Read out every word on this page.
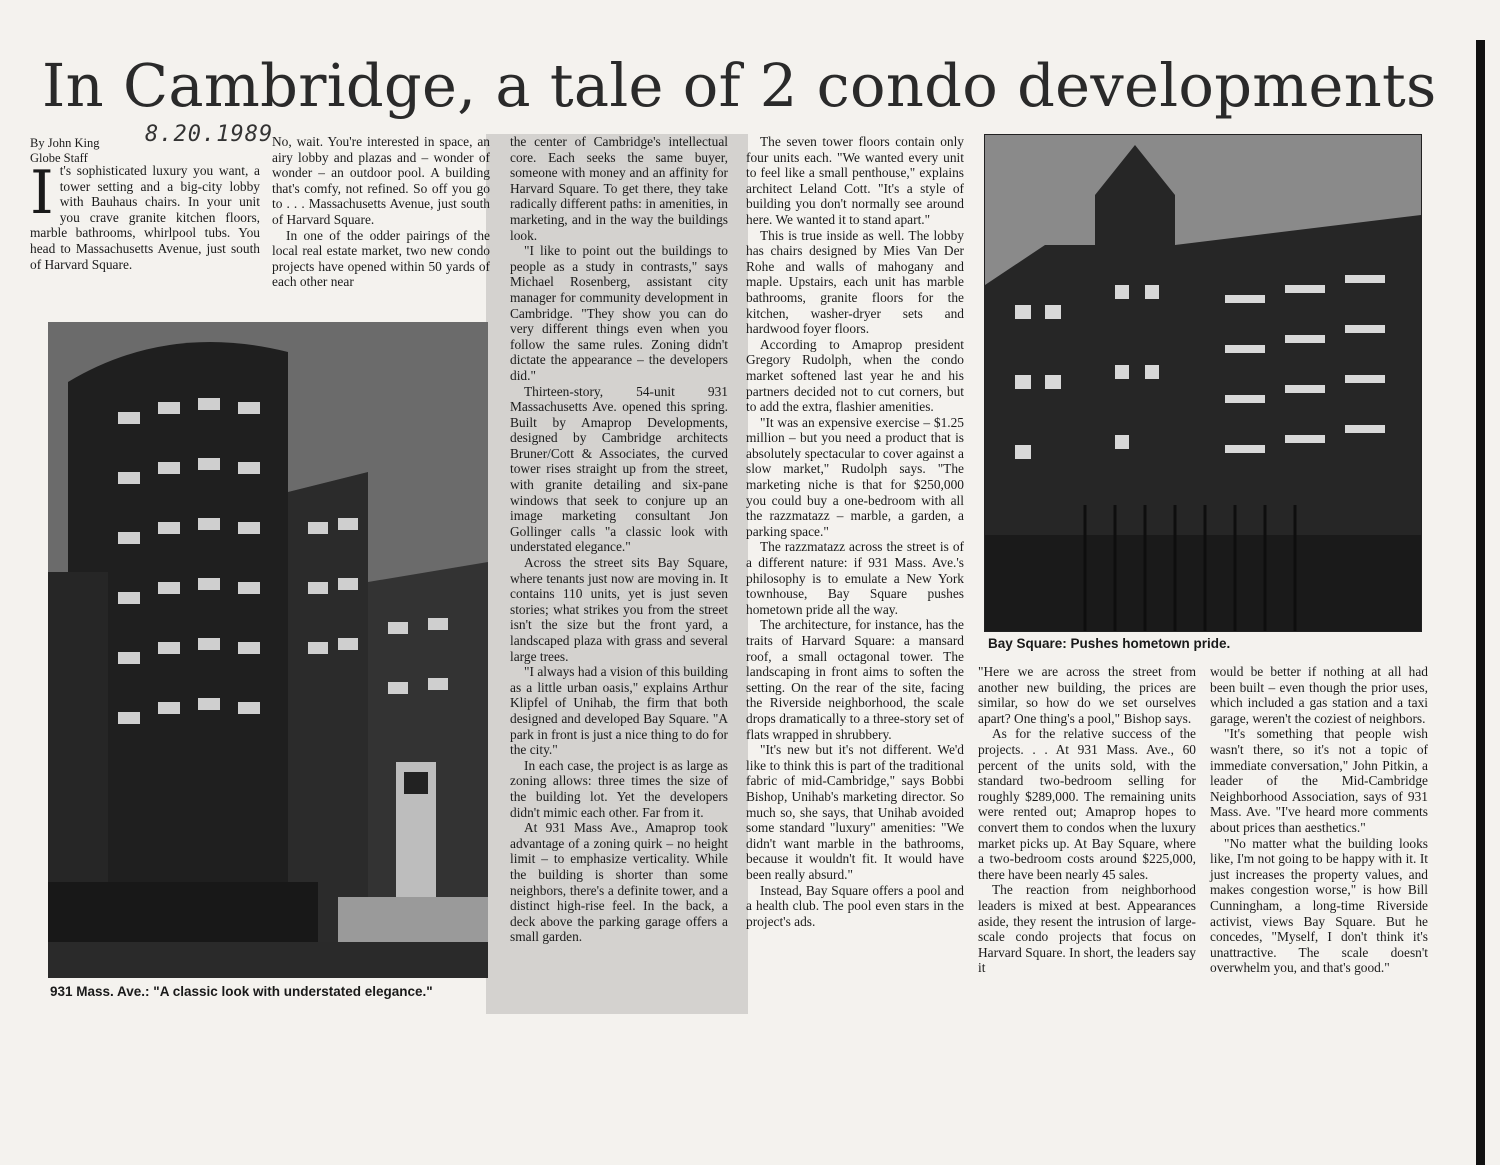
In Cambridge, a tale of 2 condo developments
By John King
Globe Staff
8.20.1989

It's sophisticated luxury you want, a tower setting and a big-city lobby with Bauhaus chairs. In your unit you crave granite kitchen floors, marble bathrooms, whirlpool tubs. You head to Massachusetts Avenue, just south of Harvard Square.

No, wait. You're interested in space, an airy lobby and plazas and – wonder of wonder – an outdoor pool. A building that's comfy, not refined. So off you go to . . . Massachusetts Avenue, just south of Harvard Square.

In one of the odder pairings of the local real estate market, two new condo projects have opened within 50 yards of each other near

the center of Cambridge's intellectual core. Each seeks the same buyer, someone with money and an affinity for Harvard Square. To get there, they take radically different paths: in amenities, in marketing, and in the way the buildings look.

"I like to point out the buildings to people as a study in contrasts," says Michael Rosenberg, assistant city manager for community development in Cambridge. "They show you can do very different things even when you follow the same rules. Zoning didn't dictate the appearance – the developers did."

Thirteen-story, 54-unit 931 Massachusetts Ave. opened this spring. Built by Amaprop Developments, designed by Cambridge architects Bruner/Cott & Associates, the curved tower rises straight up from the street, with granite detailing and six-pane windows that seek to conjure up an image marketing consultant Jon Gollinger calls "a classic look with understated elegance."

Across the street sits Bay Square, where tenants just now are moving in. It contains 110 units, yet is just seven stories; what strikes you from the street isn't the size but the front yard, a landscaped plaza with grass and several large trees.

"I always had a vision of this building as a little urban oasis," explains Arthur Klipfel of Unihab, the firm that both designed and developed Bay Square. "A park in front is just a nice thing to do for the city."

In each case, the project is as large as zoning allows: three times the size of the building lot. Yet the developers didn't mimic each other. Far from it.

At 931 Mass Ave., Amaprop took advantage of a zoning quirk – no height limit – to emphasize verticality. While the building is shorter than some neighbors, there's a definite tower, and a distinct high-rise feel. In the back, a deck above the parking garage offers a small garden.

The seven tower floors contain only four units each. "We wanted every unit to feel like a small penthouse," explains architect Leland Cott. "It's a style of building you don't normally see around here. We wanted it to stand apart."

This is true inside as well. The lobby has chairs designed by Mies Van Der Rohe and walls of mahogany and maple. Upstairs, each unit has marble bathrooms, granite floors for the kitchen, washer-dryer sets and hardwood foyer floors.

According to Amaprop president Gregory Rudolph, when the condo market softened last year he and his partners decided not to cut corners, but to add the extra, flashier amenities.

"It was an expensive exercise – $1.25 million – but you need a product that is absolutely spectacular to cover against a slow market," Rudolph says. "The marketing niche is that for $250,000 you could buy a one-bedroom with all the razzmatazz – marble, a garden, a parking space."

The razzmatazz across the street is of a different nature: if 931 Mass. Ave.'s philosophy is to emulate a New York townhouse, Bay Square pushes hometown pride all the way.

The architecture, for instance, has the traits of Harvard Square: a mansard roof, a small octagonal tower. The landscaping in front aims to soften the setting. On the rear of the site, facing the Riverside neighborhood, the scale drops dramatically to a three-story set of flats wrapped in shrubbery.

"It's new but it's not different. We'd like to think this is part of the traditional fabric of mid-Cambridge," says Bobbi Bishop, Unihab's marketing director. So much so, she says, that Unihab avoided some standard "luxury" amenities: "We didn't want marble in the bathrooms, because it wouldn't fit. It would have been really absurd."

Instead, Bay Square offers a pool and a health club. The pool even stars in the project's ads.

"Here we are across the street from another new building, the prices are similar, so how do we set ourselves apart? One thing's a pool," Bishop says.

As for the relative success of the projects. . . At 931 Mass. Ave., 60 percent of the units sold, with the standard two-bedroom selling for roughly $289,000. The remaining units were rented out; Amaprop hopes to convert them to condos when the luxury market picks up. At Bay Square, where a two-bedroom costs around $225,000, there have been nearly 45 sales.

The reaction from neighborhood leaders is mixed at best. Appearances aside, they resent the intrusion of large-scale condo projects that focus on Harvard Square. In short, the leaders say it

would be better if nothing at all had been built – even though the prior uses, which included a gas station and a taxi garage, weren't the coziest of neighbors.

"It's something that people wish wasn't there, so it's not a topic of immediate conversation," John Pitkin, a leader of the Mid-Cambridge Neighborhood Association, says of 931 Mass. Ave. "I've heard more comments about prices than aesthetics."

"No matter what the building looks like, I'm not going to be happy with it. It just increases the property values, and makes congestion worse," is how Bill Cunningham, a long-time Riverside activist, views Bay Square. But he concedes, "Myself, I don't think it's unattractive. The scale doesn't overwhelm you, and that's good."

931 Mass. Ave.: "A classic look with understated elegance."
Bay Square: Pushes hometown pride.
